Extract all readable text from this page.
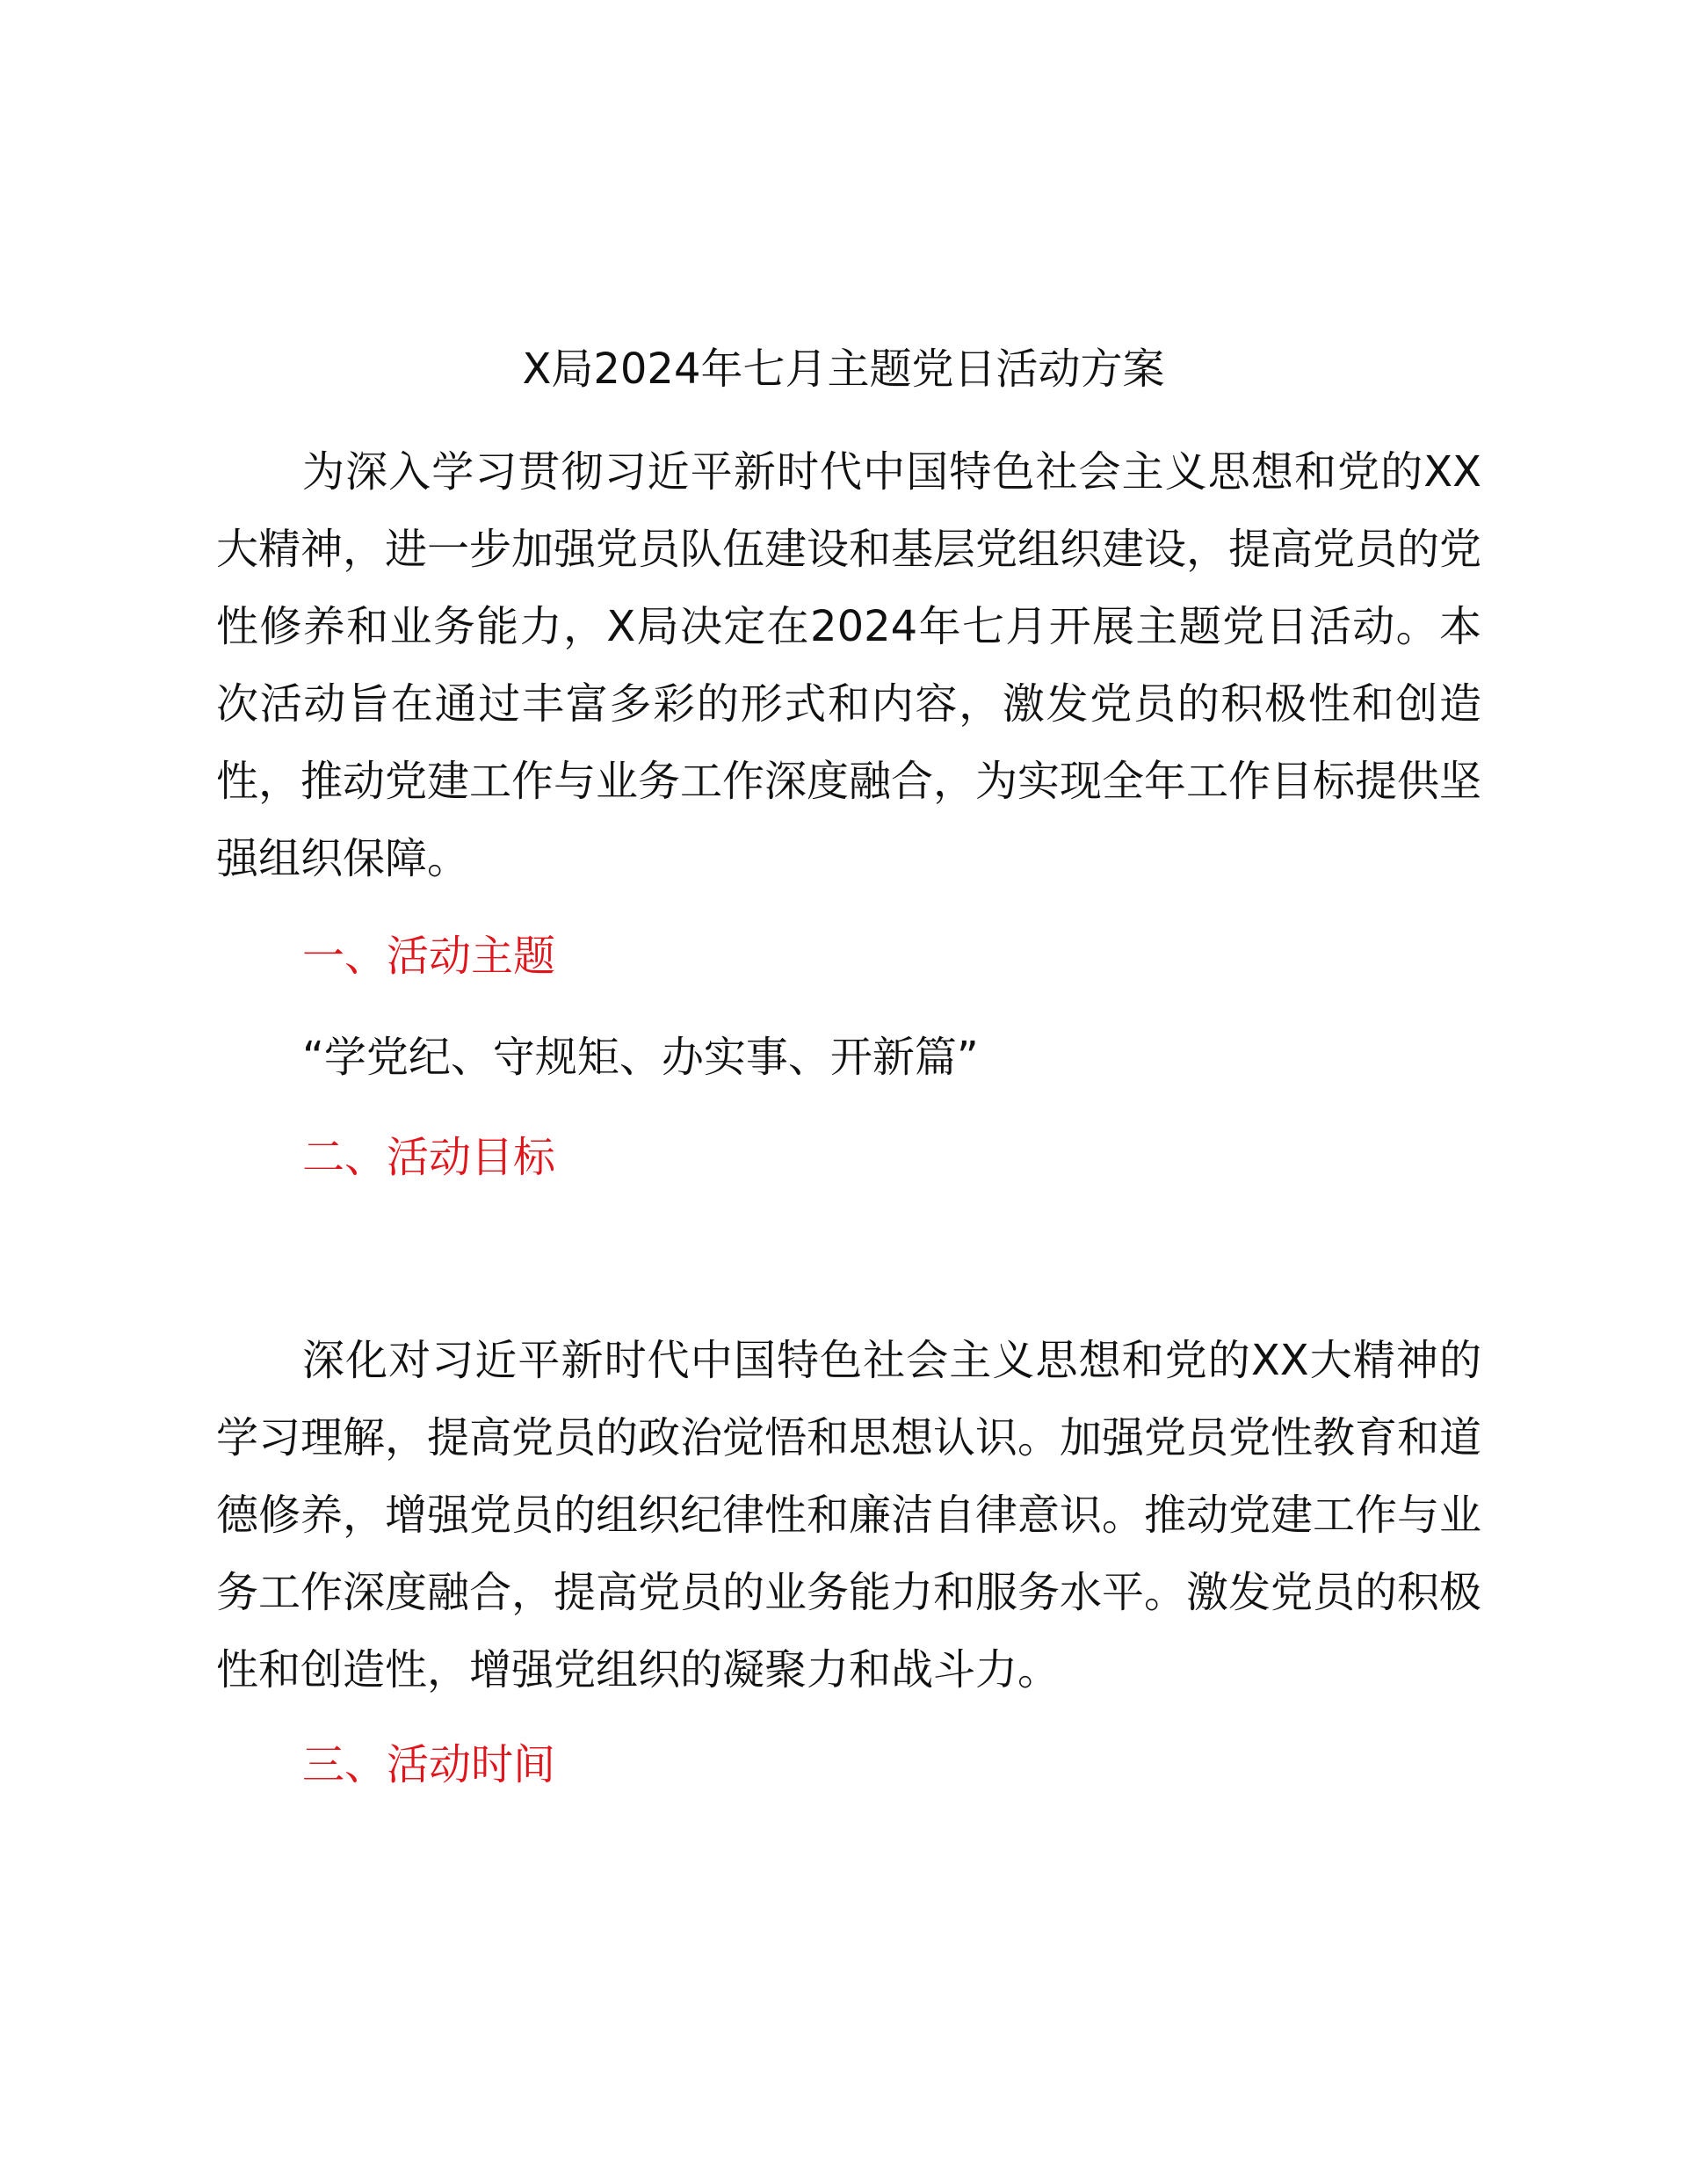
X局2024年七月主题党日活动方案

为深入学习贯彻习近平新时代中国特色社会主义思想和党的XX大精神，进一步加强党员队伍建设和基层党组织建设，提高党员的党性修养和业务能力，X局决定在2024年七月开展主题党日活动。本次活动旨在通过丰富多彩的形式和内容，激发党员的积极性和创造性，推动党建工作与业务工作深度融合，为实现全年工作目标提供坚强组织保障。

一、活动主题

“学党纪、守规矩、办实事、开新篇”

二、活动目标

深化对习近平新时代中国特色社会主义思想和党的XX大精神的学习理解，提高党员的政治觉悟和思想认识。加强党员党性教育和道德修养，增强党员的组织纪律性和廉洁自律意识。推动党建工作与业务工作深度融合，提高党员的业务能力和服务水平。激发党员的积极性和创造性，增强党组织的凝聚力和战斗力。

三、活动时间
